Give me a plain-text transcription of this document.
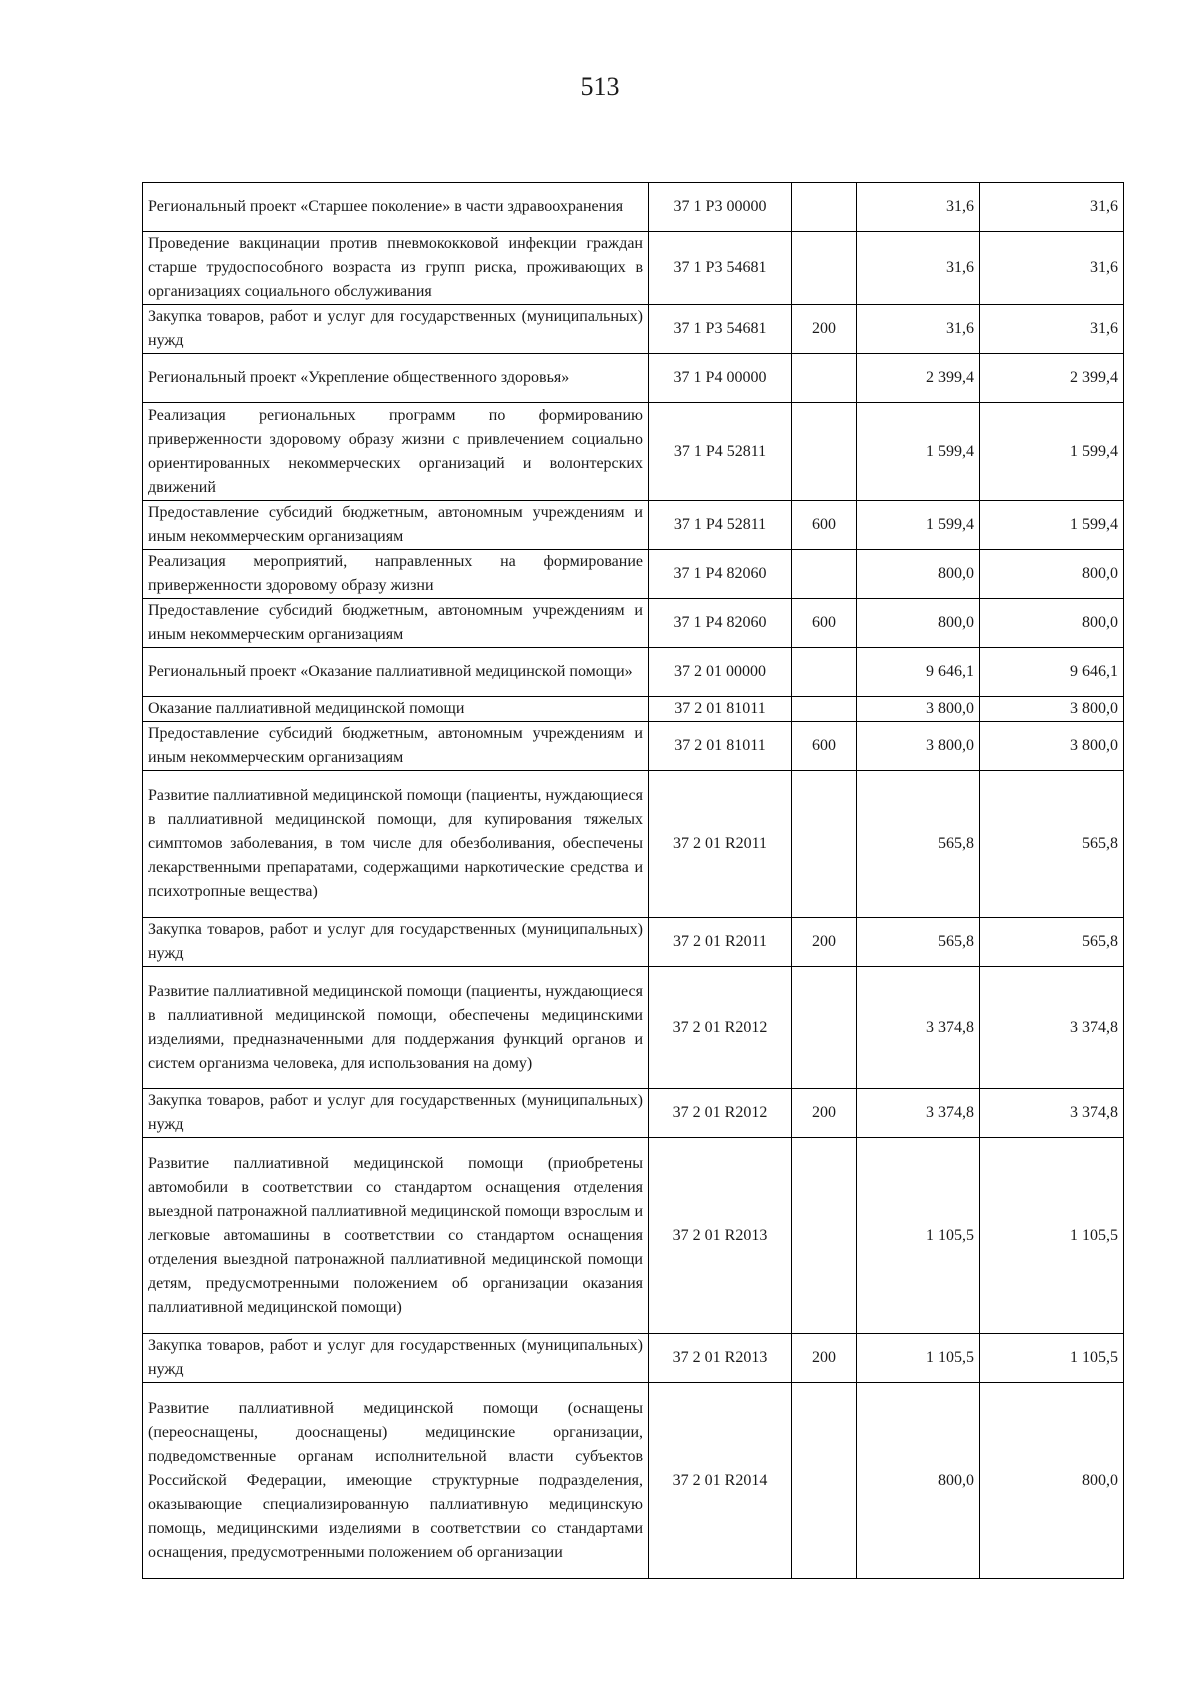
513
Региональный проект «Старшее поколение» в части здравоохранения	37 1 P3 00000		31,6	31,6
Проведение вакцинации против пневмококковой инфекции граждан старше трудоспособного возраста из групп риска, проживающих в организациях социального обслуживания	37 1 P3 54681		31,6	31,6
Закупка товаров, работ и услуг для государственных (муниципальных) нужд	37 1 P3 54681	200	31,6	31,6
Региональный проект «Укрепление общественного здоровья»	37 1 P4 00000		2 399,4	2 399,4
Реализация региональных программ по формированию приверженности здоровому образу жизни с привлечением социально ориентированных некоммерческих организаций и волонтерских движений	37 1 P4 52811		1 599,4	1 599,4
Предоставление субсидий бюджетным, автономным учреждениям и иным некоммерческим организациям	37 1 P4 52811	600	1 599,4	1 599,4
Реализация мероприятий, направленных на формирование приверженности здоровому образу жизни	37 1 P4 82060		800,0	800,0
Предоставление субсидий бюджетным, автономным учреждениям и иным некоммерческим организациям	37 1 P4 82060	600	800,0	800,0
Региональный проект «Оказание паллиативной медицинской помощи»	37 2 01 00000		9 646,1	9 646,1
Оказание паллиативной медицинской помощи	37 2 01 81011		3 800,0	3 800,0
Предоставление субсидий бюджетным, автономным учреждениям и иным некоммерческим организациям	37 2 01 81011	600	3 800,0	3 800,0
Развитие паллиативной медицинской помощи (пациенты, нуждающиеся в паллиативной медицинской помощи, для купирования тяжелых симптомов заболевания, в том числе для обезболивания, обеспечены лекарственными препаратами, содержащими наркотические средства и психотропные вещества)	37 2 01 R2011		565,8	565,8
Закупка товаров, работ и услуг для государственных (муниципальных) нужд	37 2 01 R2011	200	565,8	565,8
Развитие паллиативной медицинской помощи (пациенты, нуждающиеся в паллиативной медицинской помощи, обеспечены медицинскими изделиями, предназначенными для поддержания функций органов и систем организма человека, для использования на дому)	37 2 01 R2012		3 374,8	3 374,8
Закупка товаров, работ и услуг для государственных (муниципальных) нужд	37 2 01 R2012	200	3 374,8	3 374,8
Развитие паллиативной медицинской помощи (приобретены автомобили в соответствии со стандартом оснащения отделения выездной патронажной паллиативной медицинской помощи взрослым и легковые автомашины в соответствии со стандартом оснащения отделения выездной патронажной паллиативной медицинской помощи детям, предусмотренными положением об организации оказания паллиативной медицинской помощи)	37 2 01 R2013		1 105,5	1 105,5
Закупка товаров, работ и услуг для государственных (муниципальных) нужд	37 2 01 R2013	200	1 105,5	1 105,5
Развитие паллиативной медицинской помощи (оснащены (переоснащены, дооснащены) медицинские организации, подведомственные органам исполнительной власти субъектов Российской Федерации, имеющие структурные подразделения, оказывающие специализированную паллиативную медицинскую помощь, медицинскими изделиями в соответствии со стандартами оснащения, предусмотренными положением об организации	37 2 01 R2014		800,0	800,0
